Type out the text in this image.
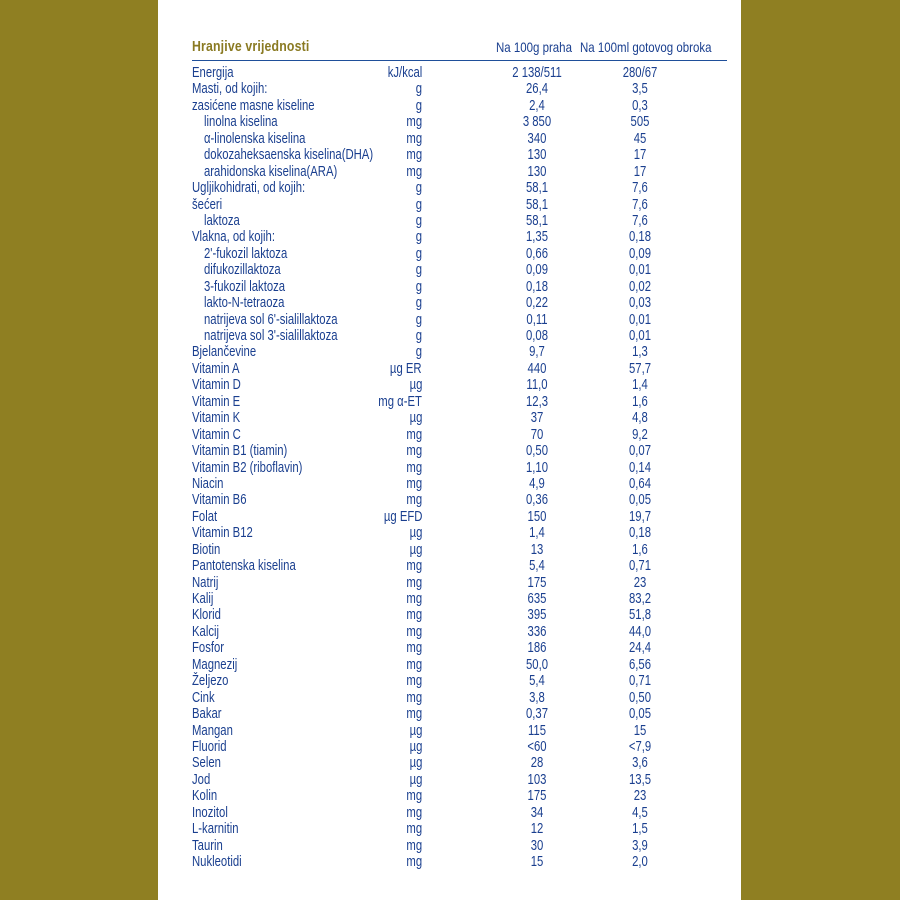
Hranjive vrijednosti	Na 100g praha Na 100ml gotovog obroka
Energija	kJ/kcal	2 138/511	280/67
Masti, od kojih:	g	26,4	3,5
zasićene masne kiseline	g	2,4	0,3
linolna kiselina	mg	3 850	505
α-linolenska kiselina	mg	340	45
dokozaheksaenska kiselina(DHA) mg	130	17
arahidonska kiselina(ARA)	mg	130	17
Ugljikohidrati, od kojih:	g	58,1	7,6
šećeri	g	58,1	7,6
laktoza	g	58,1	7,6
Vlakna, od kojih:	g	1,35	0,18
2'-fukozil laktoza	g	0,66	0,09
difukozillaktoza	g	0,09	0,01
3-fukozil laktoza	g	0,18	0,02
lakto-N-tetraoza	g	0,22	0,03
natrijeva sol 6'-sialillaktoza	g	0,11	0,01
natrijeva sol 3'-sialillaktoza	g	0,08	0,01
Bjelančevine	g	9,7	1,3
Vitamin A	µg ER	440	57,7
Vitamin D	µg	11,0	1,4
Vitamin E	mg α-ET	12,3	1,6
Vitamin K	µg	37	4,8
Vitamin C	mg	70	9,2
Vitamin B1 (tiamin)	mg	0,50	0,07
Vitamin B2 (riboflavin)	mg	1,10	0,14
Niacin	mg	4,9	0,64
Vitamin B6	mg	0,36	0,05
Folat	µg EFD	150	19,7
Vitamin B12	µg	1,4	0,18
Biotin	µg	13	1,6
Pantotenska kiselina	mg	5,4	0,71
Natrij	mg	175	23
Kalij	mg	635	83,2
Klorid	mg	395	51,8
Kalcij	mg	336	44,0
Fosfor	mg	186	24,4
Magnezij	mg	50,0	6,56
Željezo	mg	5,4	0,71
Cink	mg	3,8	0,50
Bakar	mg	0,37	0,05
Mangan	µg	115	15
Fluorid	µg	<60	<7,9
Selen	µg	28	3,6
Jod	µg	103	13,5
Kolin	mg	175	23
Inozitol	mg	34	4,5
L-karnitin	mg	12	1,5
Taurin	mg	30	3,9
Nukleotidi	mg	15	2,0
